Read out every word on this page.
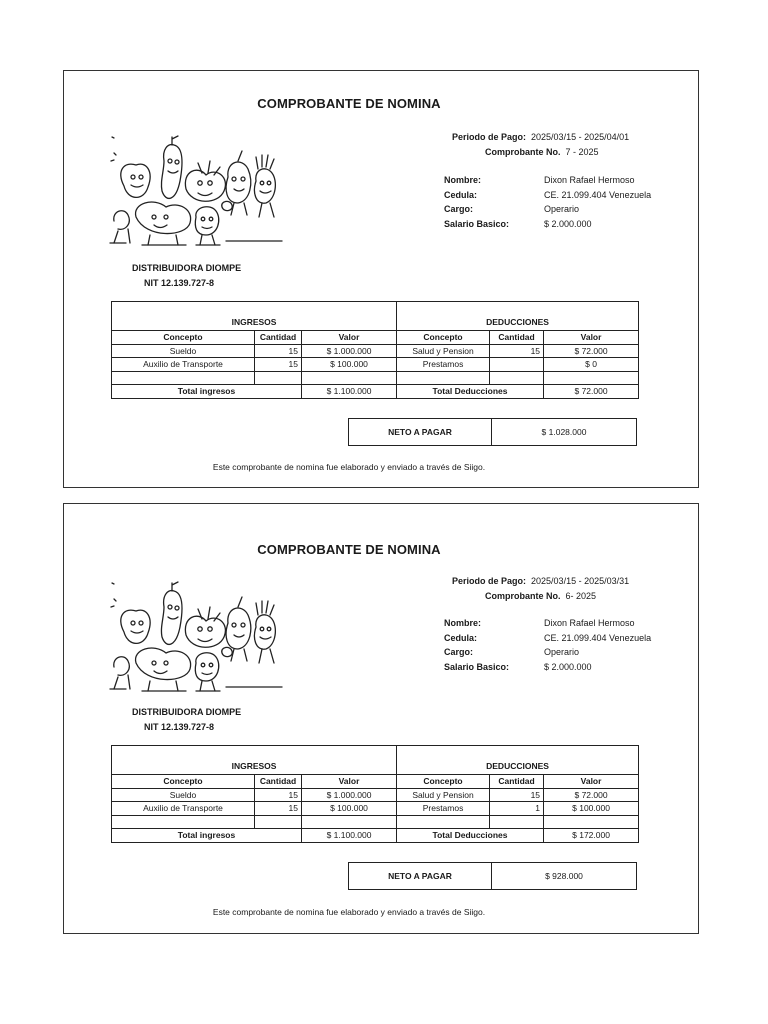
COMPROBANTE DE NOMINA
Periodo de Pago: 2025/03/15 - 2025/04/01
Comprobante No. 7 - 2025
Nombre:	Dixon Rafael Hermoso
Cedula:	CE. 21.099.404 Venezuela
Cargo:	Operario
Salario Basico:	$ 2.000.000
DISTRIBUIDORA DIOMPE
NIT 12.139.727-8
INGRESOS			DEDUCCIONES		
Concepto	Cantidad	Valor	Concepto	Cantidad	Valor
Sueldo	15	$ 1.000.000	Salud y Pension	15	$ 72.000
Auxilio de Transporte	15	$ 100.000	Prestamos		$ 0

Total ingresos		$ 1.100.000	Total Deducciones		$ 72.000
NETO A PAGAR	$ 1.028.000
Este comprobante de nomina fue elaborado y enviado a través de Siigo.
COMPROBANTE DE NOMINA
Periodo de Pago: 2025/03/15 - 2025/03/31
Comprobante No. 6- 2025
Nombre:	Dixon Rafael Hermoso
Cedula:	CE. 21.099.404 Venezuela
Cargo:	Operario
Salario Basico:	$ 2.000.000
DISTRIBUIDORA DIOMPE
NIT 12.139.727-8
INGRESOS			DEDUCCIONES		
Concepto	Cantidad	Valor	Concepto	Cantidad	Valor
Sueldo	15	$ 1.000.000	Salud y Pension	15	$ 72.000
Auxilio de Transporte	15	$ 100.000	Prestamos	1	$ 100.000

Total ingresos		$ 1.100.000	Total Deducciones		$ 172.000
NETO A PAGAR	$ 928.000
Este comprobante de nomina fue elaborado y enviado a través de Siigo.
